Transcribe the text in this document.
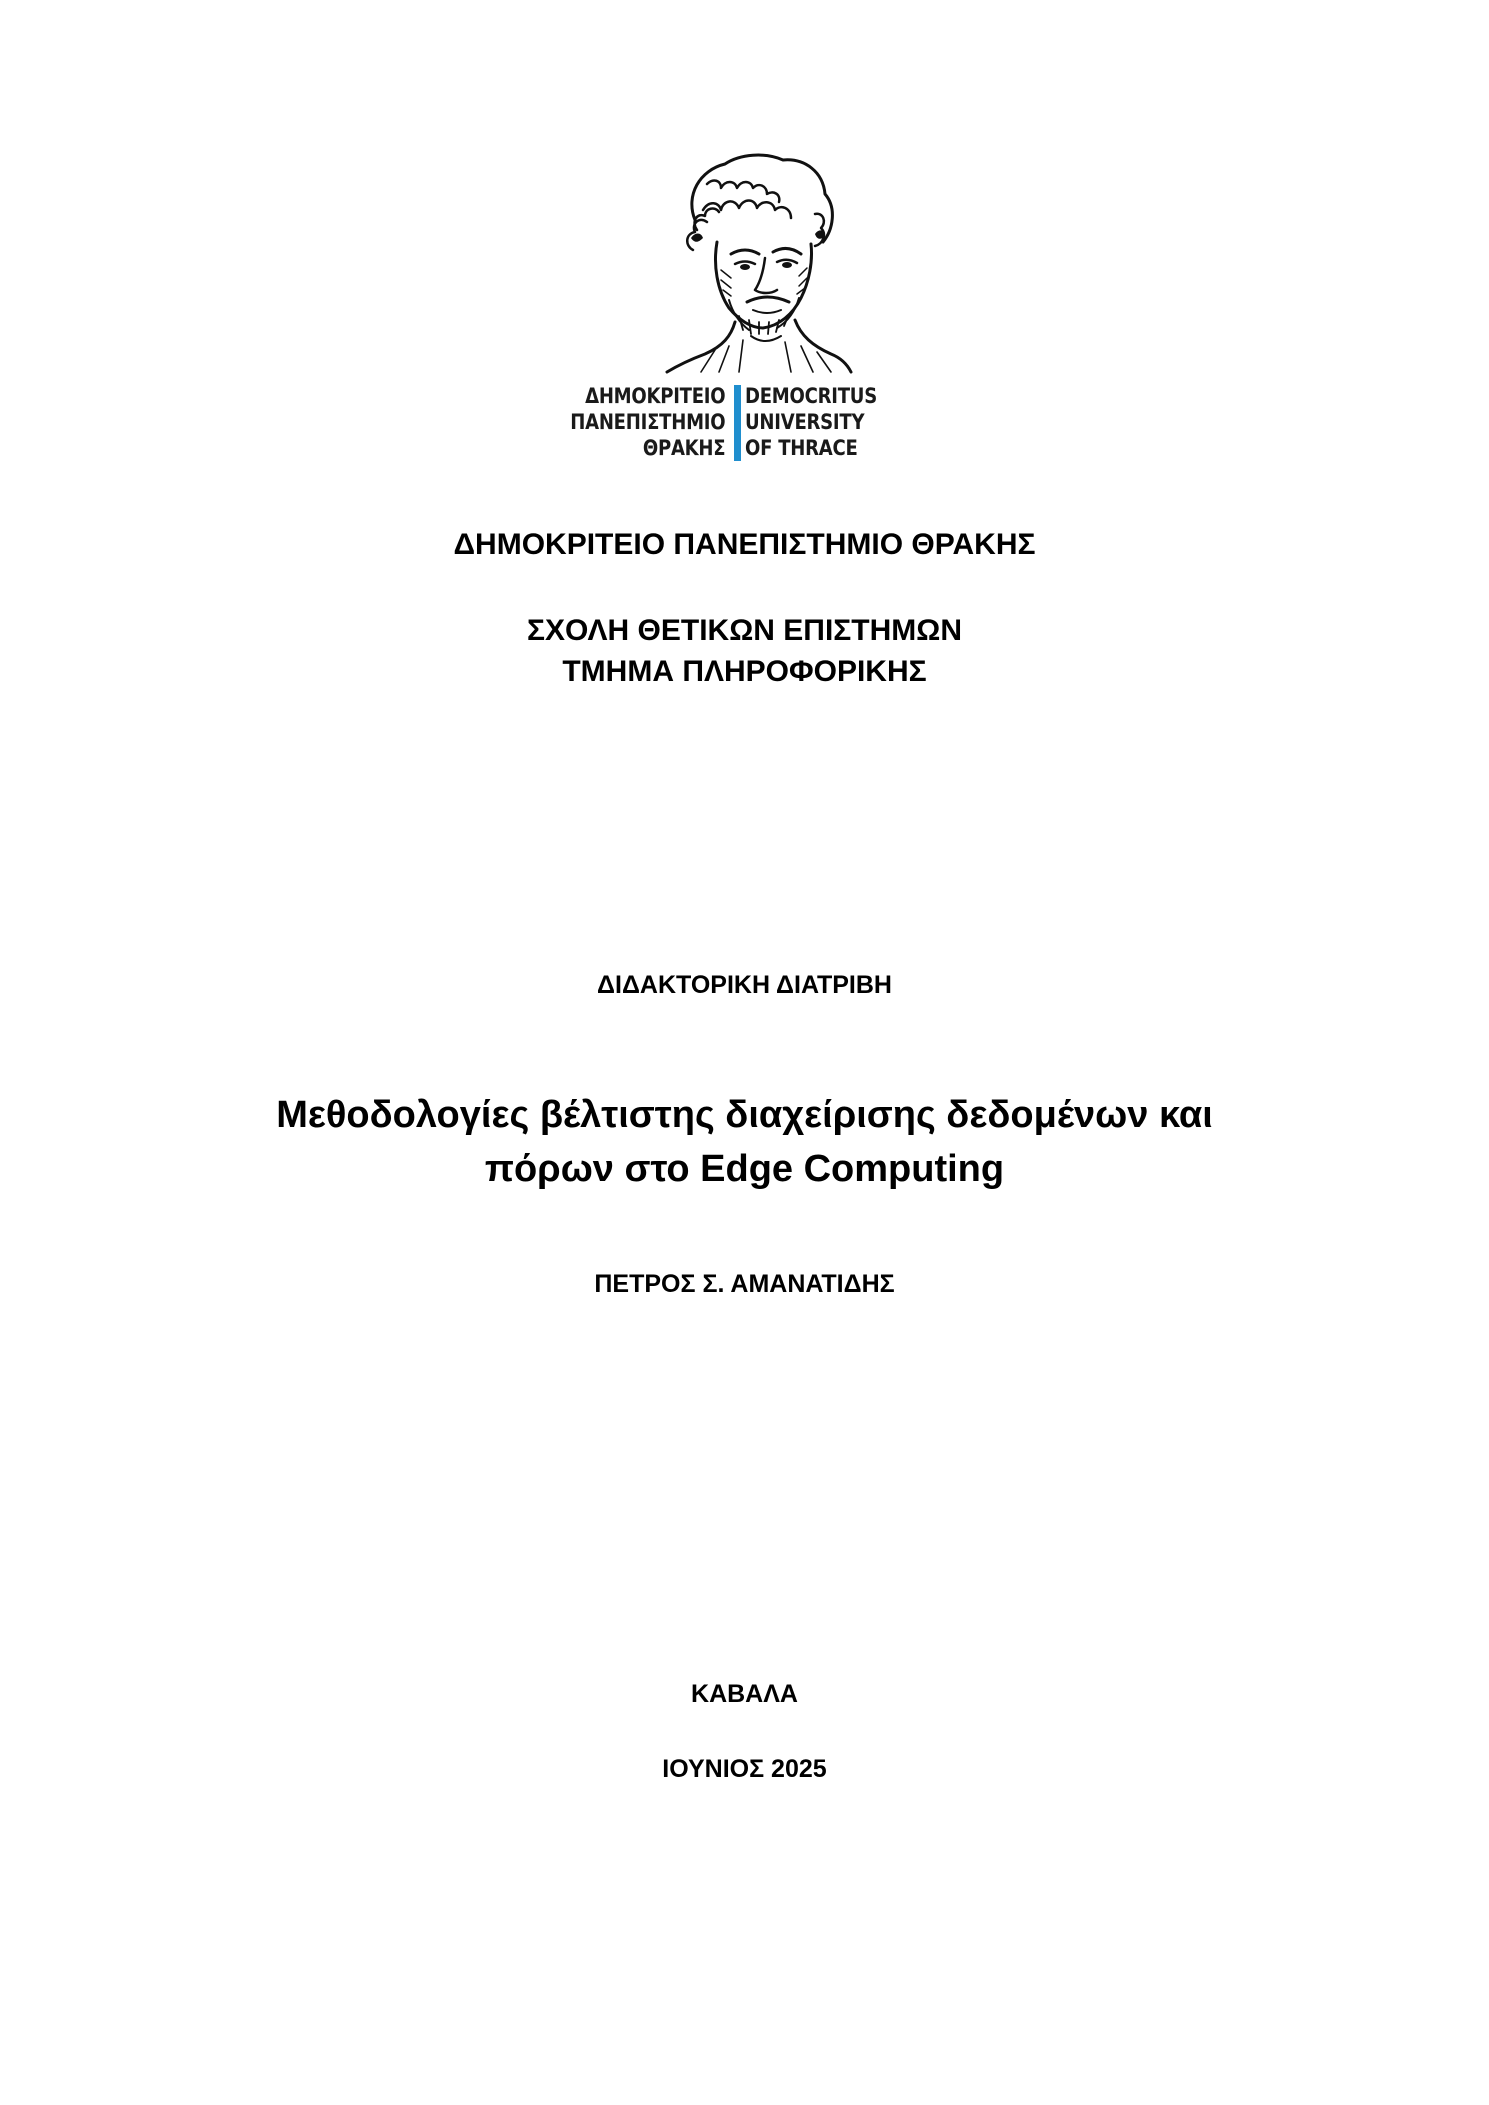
ΔΗΜΟΚΡΙΤΕΙΟ
ΠΑΝΕΠΙΣΤΗΜΙΟ
ΘΡΑΚΗΣ
DEMOCRITUS
UNIVERSITY
OF THRACE
ΔΗΜΟΚΡΙΤΕΙΟ ΠΑΝΕΠΙΣΤΗΜΙΟ ΘΡΑΚΗΣ
ΣΧΟΛΗ ΘΕΤΙΚΩΝ ΕΠΙΣΤΗΜΩΝ
ΤΜΗΜΑ ΠΛΗΡΟΦΟΡΙΚΗΣ
ΔΙΔΑΚΤΟΡΙΚΗ ΔΙΑΤΡΙΒΗ
Μεθοδολογίες βέλτιστης διαχείρισης δεδομένων και
πόρων στο Edge Computing
ΠΕΤΡΟΣ Σ. ΑΜΑΝΑΤΙΔΗΣ
ΚΑΒΑΛΑ
ΙΟΥΝΙΟΣ 2025
